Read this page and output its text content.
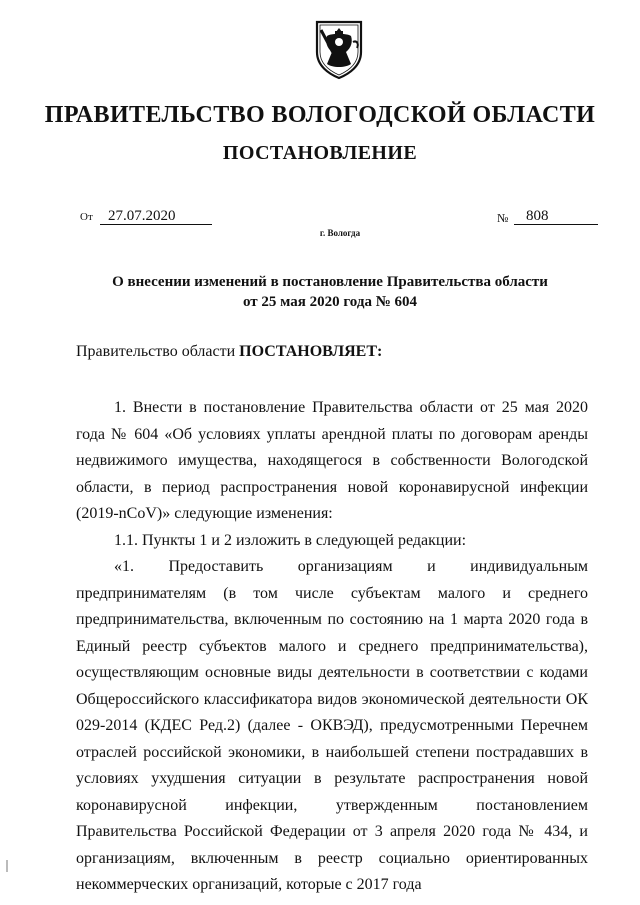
ПРАВИТЕЛЬСТВО ВОЛОГОДСКОЙ ОБЛАСТИ
ПОСТАНОВЛЕНИЕ
От	27.07.2020	№	808
г. Вологда
О внесении изменений в постановление Правительства области
от 25 мая 2020 года № 604
Правительство области ПОСТАНОВЛЯЕТ:

1. Внести в постановление Правительства области от 25 мая 2020 года № 604 «Об условиях уплаты арендной платы по договорам аренды недвижимого имущества, находящегося в собственности Вологодской области, в период распространения новой коронавирусной инфекции (2019-nCoV)» следующие изменения:

1.1. Пункты 1 и 2 изложить в следующей редакции:

«1. Предоставить организациям и индивидуальным предпринимателям (в том числе субъектам малого и среднего предпринимательства, включенным по состоянию на 1 марта 2020 года в Единый реестр субъектов малого и среднего предпринимательства), осуществляющим основные виды деятельности в соответствии с кодами Общероссийского классификатора видов экономической деятельности ОК 029-2014 (КДЕС Ред.2) (далее - ОКВЭД), предусмотренными Перечнем отраслей российской экономики, в наибольшей степени пострадавших в условиях ухудшения ситуации в результате распространения новой коронавирусной инфекции, утвержденным постановлением Правительства Российской Федерации от 3 апреля 2020 года № 434, и организациям, включенным в реестр социально ориентированных некоммерческих организаций, которые с 2017 года
